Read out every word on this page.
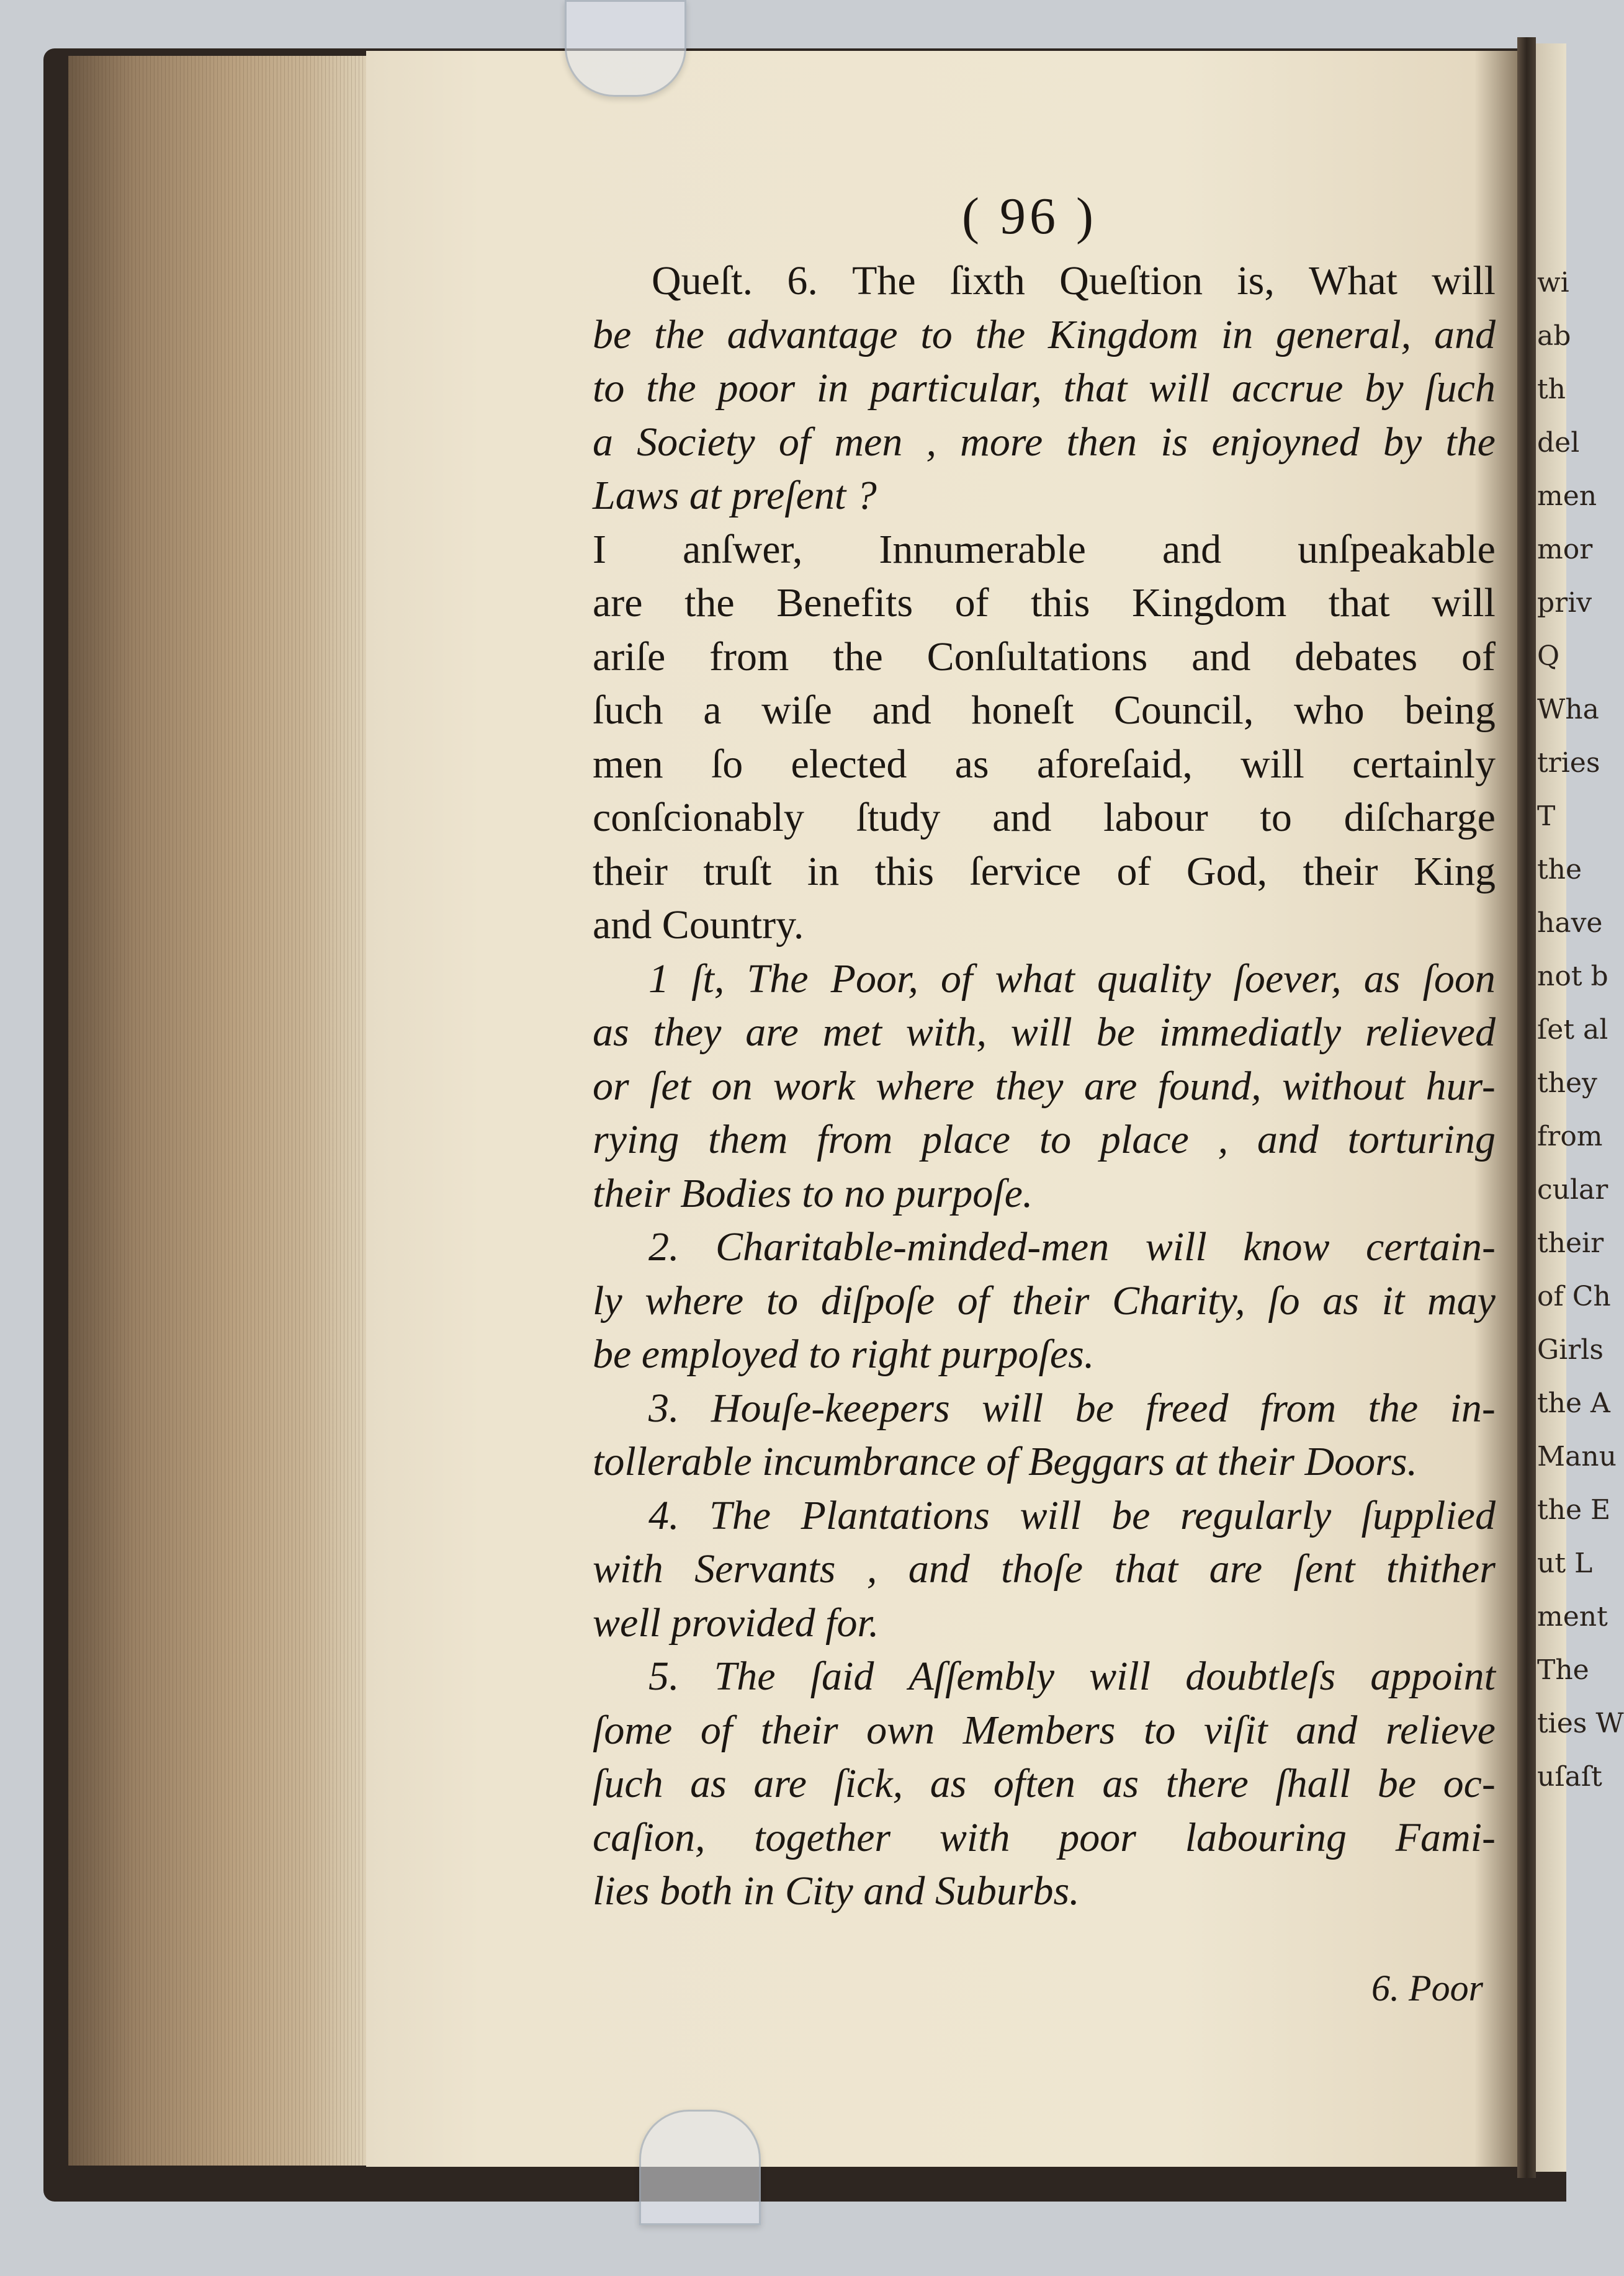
wi
ab
th
del
men
mor
priv
Q
Wha
tries
T
the
have
not b
ſet al
they
from
cular
their
of Ch
Girls
the A
Manu
the E
ut L
ment
The
ties W
uſaſt
( 96 )
Queſt. 6. The ſixth Queſtion is, What will
be the advantage to the Kingdom in general, and
to the poor in particular, that will accrue by ſuch
a Society of men , more then is enjoyned by the
Laws at preſent ?
I anſwer, Innumerable and unſpeakable
are the Benefits of this Kingdom that will
ariſe from the Conſultations and debates of
ſuch a wiſe and honeſt Council, who being
men ſo elected as aforeſaid, will certainly
conſcionably ſtudy and labour to diſcharge
their truſt in this ſervice of God, their King
and Country.
1 ſt, The Poor, of what quality ſoever, as ſoon
as they are met with, will be immediatly relieved
or ſet on work where they are found, without hur-
rying them from place to place , and torturing
their Bodies to no purpoſe.
2. Charitable-minded-men will know certain-
ly where to diſpoſe of their Charity, ſo as it may
be employed to right purpoſes.
3. Houſe-keepers will be freed from the in-
tollerable incumbrance of Beggars at their Doors.
4. The Plantations will be regularly ſupplied
with Servants , and thoſe that are ſent thither
well provided for.
5. The ſaid Aſſembly will doubtleſs appoint
ſome of their own Members to viſit and relieve
ſuch as are ſick, as often as there ſhall be oc-
caſion, together with poor labouring Fami-
lies both in City and Suburbs.
6. Poor
